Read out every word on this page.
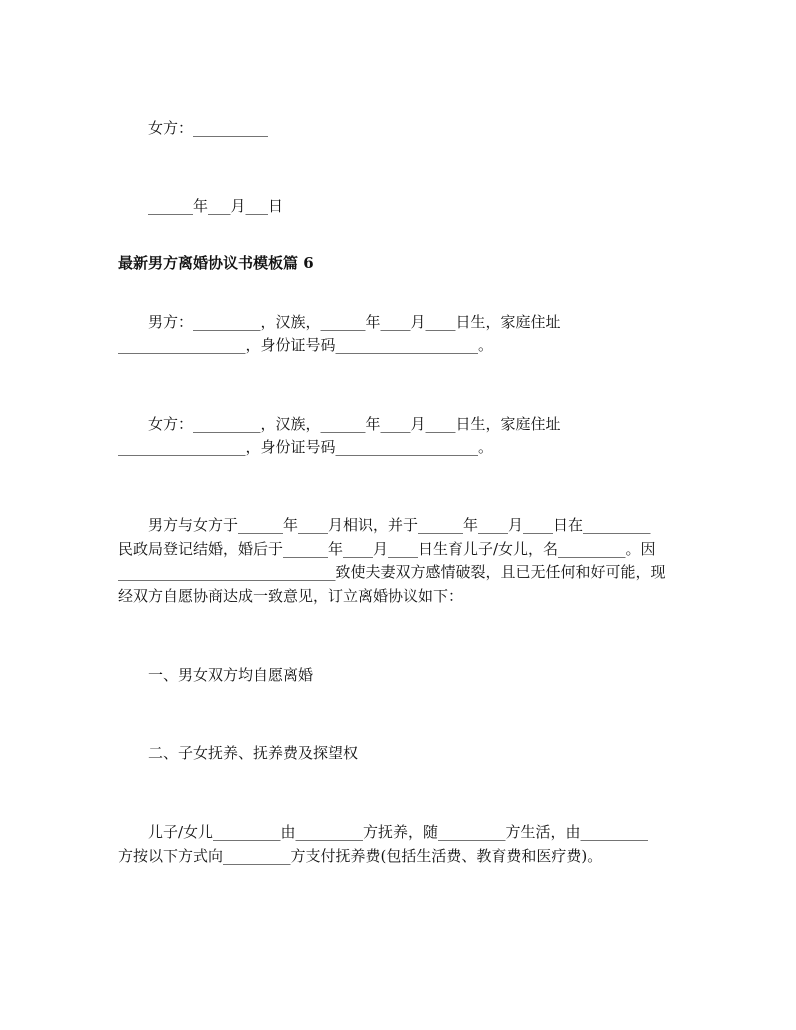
女方：__________

______年___月___日

最新男方离婚协议书模板篇 6

男方：_________，汉族，______年____月____日生，家庭住址

_________________，身份证号码___________________。

女方：_________，汉族，______年____月____日生，家庭住址

_________________，身份证号码___________________。

男方与女方于______年____月相识，并于______年____月____日在_________

民政局登记结婚，婚后于______年____月____日生育儿子/女儿，名_________。因

_____________________________致使夫妻双方感情破裂，且已无任何和好可能，现

经双方自愿协商达成一致意见，订立离婚协议如下：

一、男女双方均自愿离婚

二、子女抚养、抚养费及探望权

儿子/女儿_________由_________方抚养，随_________方生活，由_________

方按以下方式向_________方支付抚养费(包括生活费、教育费和医疗费)。
